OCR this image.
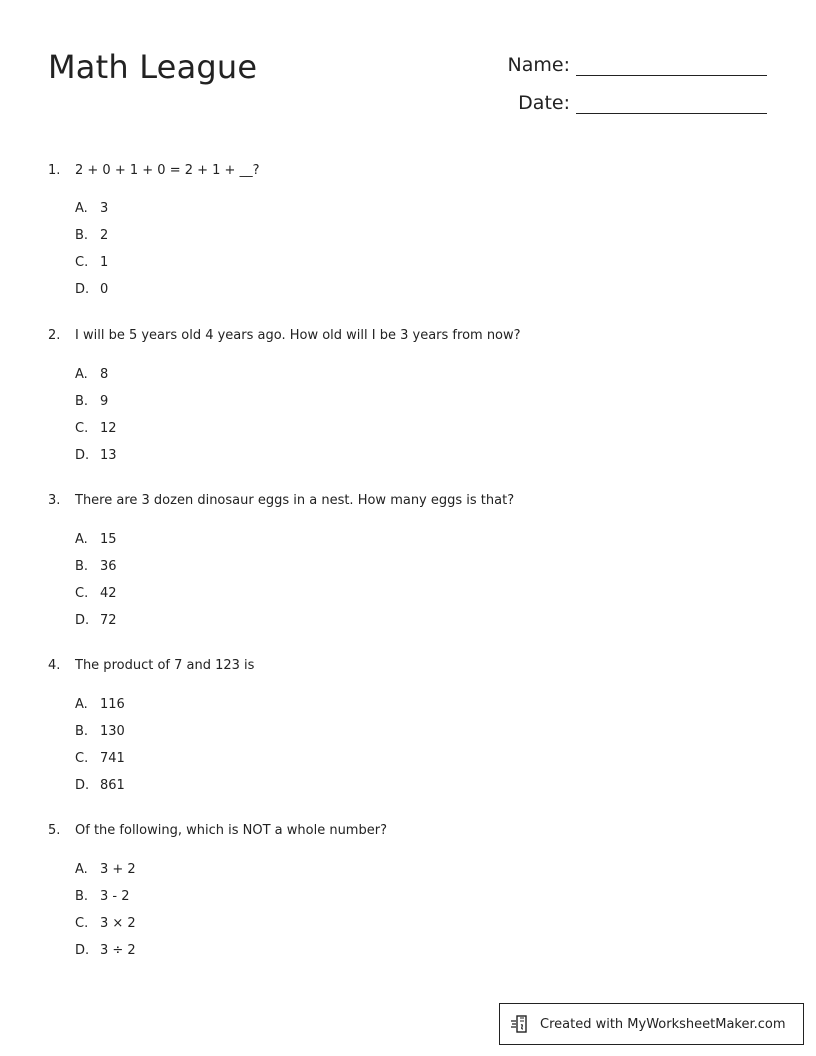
Math League	Name:
Date:
1.	2 + 0 + 1 + 0 = 2 + 1 + __?
A. 3
B. 2
C. 1
D. 0
2.	I will be 5 years old 4 years ago. How old will I be 3 years from now?
A. 8
B. 9
C. 12
D. 13
3.	There are 3 dozen dinosaur eggs in a nest. How many eggs is that?
A. 15
B. 36
C. 42
D. 72
4.	The product of 7 and 123 is
A. 116
B. 130
C. 741
D. 861
5.	Of the following, which is NOT a whole number?
A. 3 + 2
B. 3 - 2
C. 3 × 2
D. 3 ÷ 2
Created with MyWorksheetMaker.com
